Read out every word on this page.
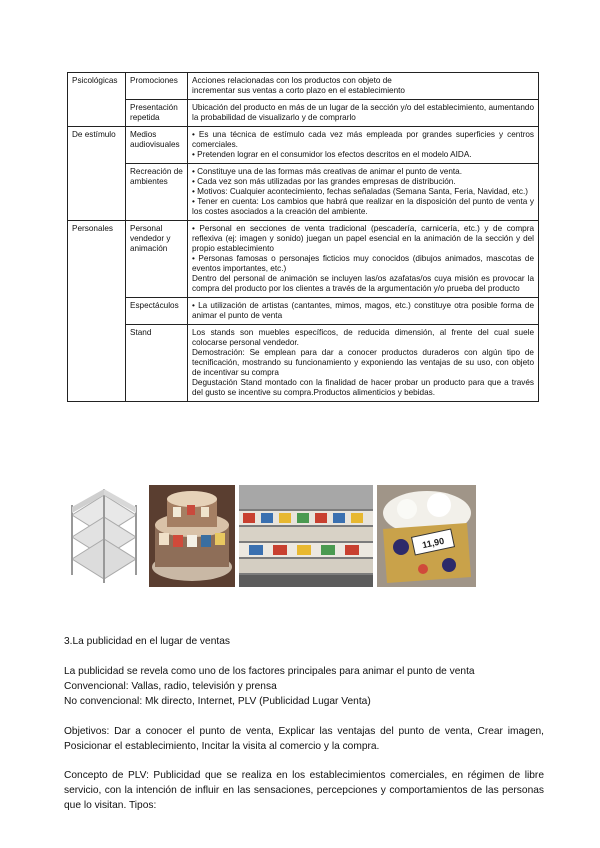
Psicológicas	Promociones	Acciones relacionadas con los productos con objeto de
incrementar sus ventas a corto plazo en el establecimiento

	Presentación repetida	Ubicación del producto en más de un lugar de la sección y/o del establecimiento, aumentando la probabilidad de visualizarlo y de comprarlo

De estímulo	Medios audiovisuales	• Es una técnica de estímulo cada vez más empleada por grandes superficies y centros comerciales.
• Pretenden lograr en el consumidor los efectos descritos en el modelo AIDA.

	Recreación de ambientes	• Constituye una de las formas más creativas de animar el punto de venta.
• Cada vez son más utilizadas por las grandes empresas de distribución.
• Motivos: Cualquier acontecimiento, fechas señaladas (Semana Santa, Feria, Navidad, etc.)
• Tener en cuenta: Los cambios que habrá que realizar en la disposición del punto de venta y los costes asociados a la creación del ambiente.

Personales	Personal vendedor y animación	• Personal en secciones de venta tradicional (pescadería, carnicería, etc.) y de compra reflexiva (ej: imagen y sonido) juegan un papel esencial en la animación de la sección y del propio establecimiento
• Personas famosas o personajes ficticios muy conocidos (dibujos animados, mascotas de eventos importantes, etc.)
Dentro del personal de animación se incluyen las/os azafatas/os cuya misión es provocar la compra del producto por los clientes a través de la argumentación y/o prueba del producto

	Espectáculos	• La utilización de artistas (cantantes, mimos, magos, etc.) constituye otra posible forma de animar el punto de venta

	Stand	Los stands son muebles específicos, de reducida dimensión, al frente del cual suele colocarse personal vendedor.
Demostración: Se emplean para dar a conocer productos duraderos con algún tipo de tecnificación, mostrando su funcionamiento y exponiendo las ventajas de su uso, con objeto de incentivar su compra
Degustación Stand montado con la finalidad de hacer probar un producto para que a través del gusto se incentive su compra.Productos alimenticios y bebidas.
11,90
3.La publicidad en el lugar de ventas

La publicidad se revela como uno de los factores principales para animar el punto de venta

Convencional: Vallas, radio, televisión y prensa

No convencional: Mk directo, Internet, PLV (Publicidad Lugar Venta)

Objetivos: Dar a conocer el punto de venta, Explicar las ventajas del punto de venta, Crear imagen, Posicionar el establecimiento, Incitar la visita al comercio y la compra.
Concepto de PLV: Publicidad que se realiza en los establecimientos comerciales, en régimen de libre servicio, con la intención de influir en las sensaciones, percepciones y comportamientos de las personas que lo visitan. Tipos:
